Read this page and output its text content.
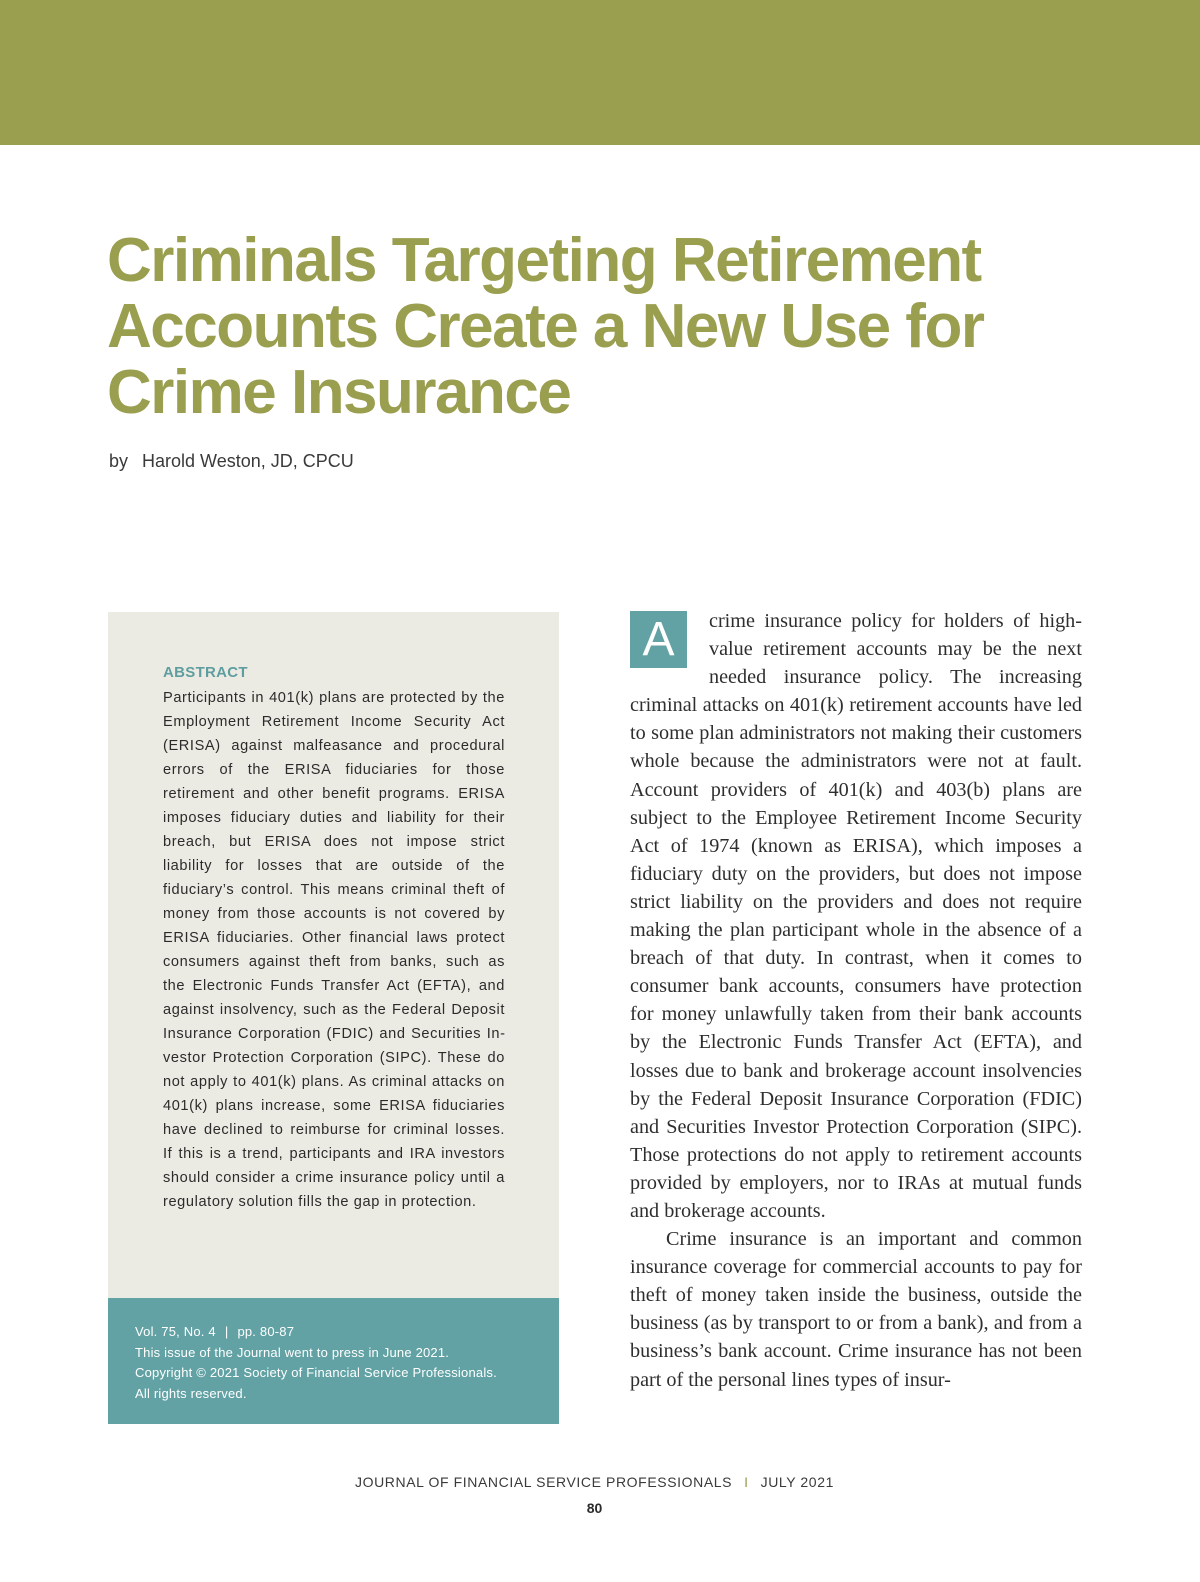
Criminals Targeting Retirement Accounts Create a New Use for Crime Insurance
by Harold Weston, JD, CPCU
ABSTRACT

Participants in 401(k) plans are protected by the Employment Retirement Income Security Act (ERISA) against malfeasance and procedural errors of the ERISA fiduciaries for those retirement and other benefit programs. ERISA imposes fiduciary duties and liability for their breach, but ERISA does not impose strict liability for losses that are outside of the fiduciary’s control. This means criminal theft of money from those accounts is not covered by ERISA fiduciaries. Other financial laws protect consumers against theft from banks, such as the Electronic Funds Transfer Act (EFTA), and against insolvency, such as the Federal Deposit Insurance Corporation (FDIC) and Securities Investor Protection Corporation (SIPC). These do not apply to 401(k) plans. As criminal attacks on 401(k) plans increase, some ERISA fiduciaries have declined to reimburse for criminal losses. If this is a trend, participants and IRA investors should consider a crime insurance policy until a regulatory solution fills the gap in protection.

Vol. 75, No. 4 | pp. 80-87
This issue of the Journal went to press in June 2021.
Copyright © 2021 Society of Financial Service Professionals.
All rights reserved.

A	crime insurance policy for holders of high-value retirement accounts may be the next needed insurance policy. The increasing criminal attacks on 401(k) retirement accounts have led to some plan administrators not making their customers whole because the administrators were not at fault. Account providers of 401(k) and 403(b) plans are subject to the Employee Retirement Income Security Act of 1974 (known as ERISA), which imposes a fiduciary duty on the providers, but does not impose strict liability on the providers and does not require making the plan participant whole in the absence of a breach of that duty. In contrast, when it comes to consumer bank accounts, consumers have protection for money unlawfully taken from their bank accounts by the Electronic Funds Transfer Act (EFTA), and losses due to bank and brokerage account insolvencies by the Federal Deposit Insurance Corporation (FDIC) and Securities Investor Protection Corporation (SIPC). Those protections do not apply to retirement accounts provided by employers, nor to IRAs at mutual funds and brokerage accounts.

Crime insurance is an important and common insurance coverage for commercial accounts to pay for theft of money taken inside the business, outside the business (as by transport to or from a bank), and from a business’s bank account. Crime insurance has not been part of the personal lines types of insur-

JOURNAL OF FINANCIAL SERVICE PROFESSIONALS I JULY 2021
80
